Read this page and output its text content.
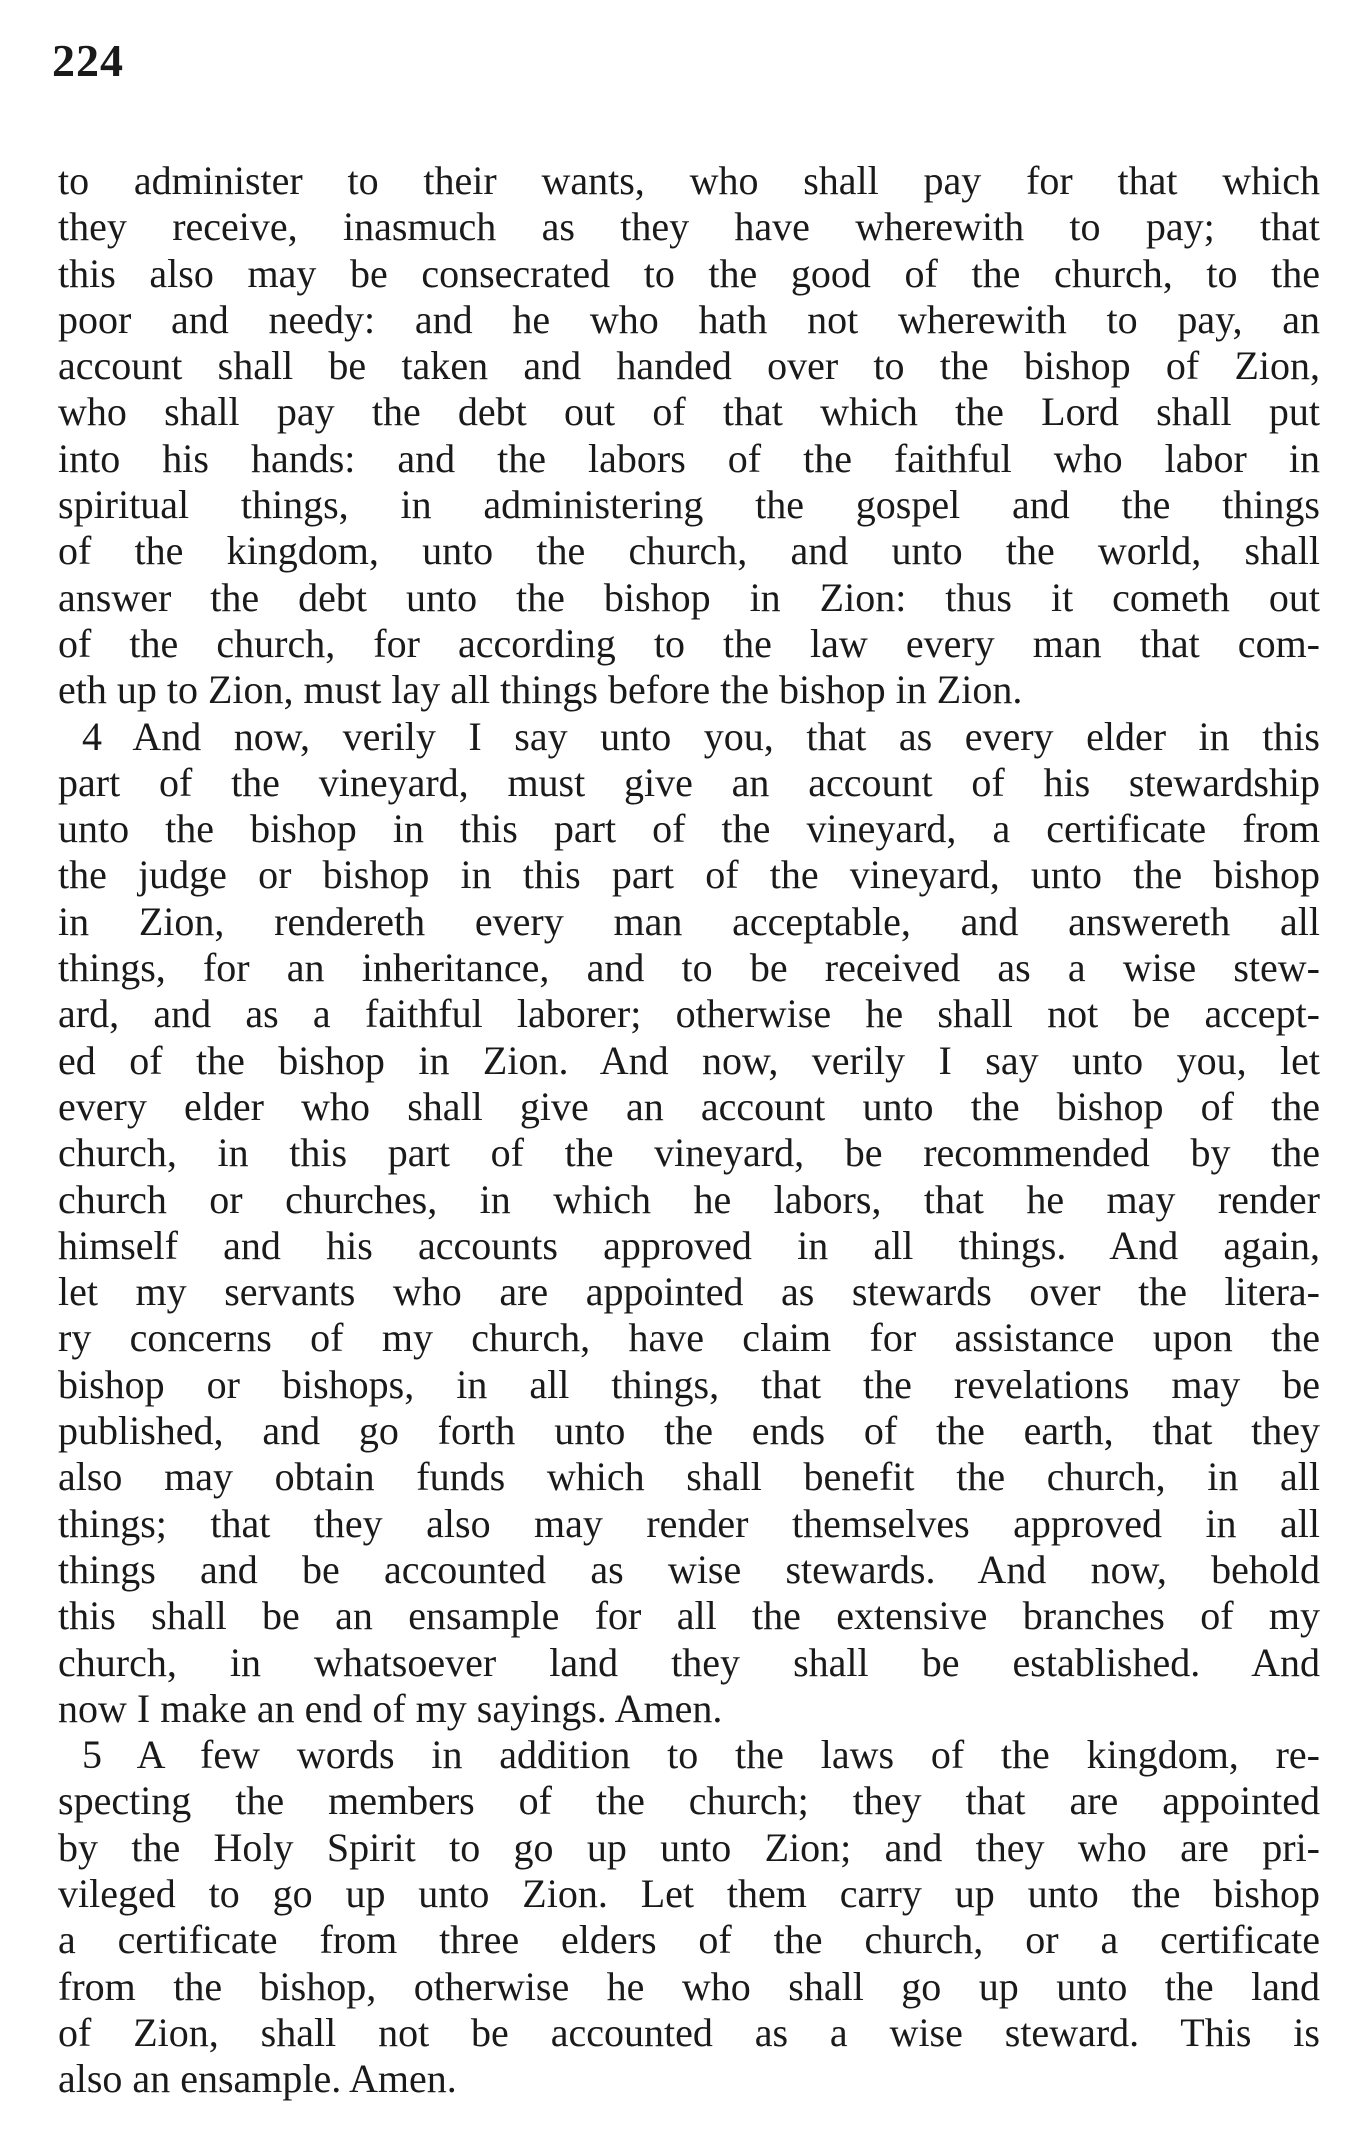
224
to administer to their wants, who shall pay for that which
they receive, inasmuch as they have wherewith to pay; that
this also may be consecrated to the good of the church, to the
poor and needy: and he who hath not wherewith to pay, an
account shall be taken and handed over to the bishop of Zion,
who shall pay the debt out of that which the Lord shall put
into his hands: and the labors of the faithful who labor in
spiritual things, in administering the gospel and the things
of the kingdom, unto the church, and unto the world, shall
answer the debt unto the bishop in Zion: thus it cometh out
of the church, for according to the law every man that com-
eth up to Zion, must lay all things before the bishop in Zion.
4 And now, verily I say unto you, that as every elder in this
part of the vineyard, must give an account of his stewardship
unto the bishop in this part of the vineyard, a certificate from
the judge or bishop in this part of the vineyard, unto the bishop
in Zion, rendereth every man acceptable, and answereth all
things, for an inheritance, and to be received as a wise stew-
ard, and as a faithful laborer; otherwise he shall not be accept-
ed of the bishop in Zion. And now, verily I say unto you, let
every elder who shall give an account unto the bishop of the
church, in this part of the vineyard, be recommended by the
church or churches, in which he labors, that he may render
himself and his accounts approved in all things. And again,
let my servants who are appointed as stewards over the litera-
ry concerns of my church, have claim for assistance upon the
bishop or bishops, in all things, that the revelations may be
published, and go forth unto the ends of the earth, that they
also may obtain funds which shall benefit the church, in all
things; that they also may render themselves approved in all
things and be accounted as wise stewards. And now, behold
this shall be an ensample for all the extensive branches of my
church, in whatsoever land they shall be established. And
now I make an end of my sayings. Amen.
5 A few words in addition to the laws of the kingdom, re-
specting the members of the church; they that are appointed
by the Holy Spirit to go up unto Zion; and they who are pri-
vileged to go up unto Zion. Let them carry up unto the bishop
a certificate from three elders of the church, or a certificate
from the bishop, otherwise he who shall go up unto the land
of Zion, shall not be accounted as a wise steward. This is
also an ensample. Amen.
